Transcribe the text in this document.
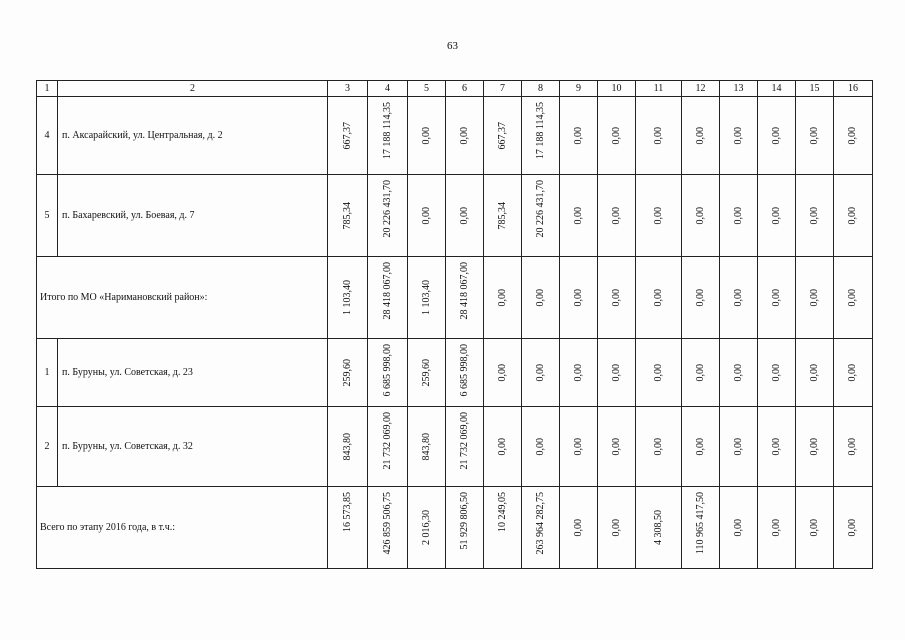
63
1	2	3	4	5	6	7	8	9	10	11	12	13	14	15	16
4	п. Аксарайский, ул. Центральная, д. 2	667,37	17 188 114,35	0,00	0,00	667,37	17 188 114,35	0,00	0,00	0,00	0,00	0,00	0,00	0,00	0,00

5	п. Бахаревский, ул. Боевая, д. 7	785,34	20 226 431,70	0,00	0,00	785,34	20 226 431,70	0,00	0,00	0,00	0,00	0,00	0,00	0,00	0,00

Итого по МО «Наримановский район»:		1 103,40	28 418 067,00	1 103,40	28 418 067,00	0,00	0,00	0,00	0,00	0,00	0,00	0,00	0,00	0,00	0,00

1	п. Буруны, ул. Советская, д. 23	259,60	6 685 998,00	259,60	6 685 998,00	0,00	0,00	0,00	0,00	0,00	0,00	0,00	0,00	0,00	0,00

2	п. Буруны, ул. Советская, д. 32	843,80	21 732 069,00	843,80	21 732 069,00	0,00	0,00	0,00	0,00	0,00	0,00	0,00	0,00	0,00	0,00

Всего по этапу 2016 года, в т.ч.:		16 573,85	426 859 506,75	2 016,30	51 929 806,50	10 249,05	263 964 282,75	0,00	0,00	4 308,50	110 965 417,50	0,00	0,00	0,00	0,00
